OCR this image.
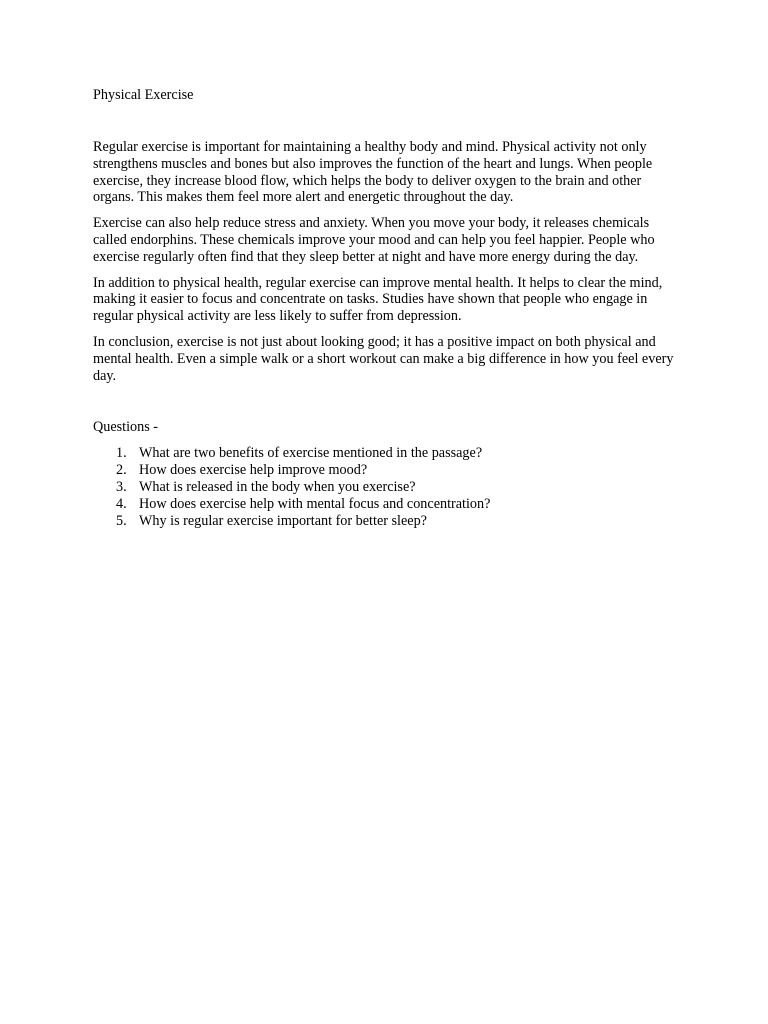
Physical Exercise

Regular exercise is important for maintaining a healthy body and mind. Physical activity not only strengthens muscles and bones but also improves the function of the heart and lungs. When people exercise, they increase blood flow, which helps the body to deliver oxygen to the brain and other organs. This makes them feel more alert and energetic throughout the day.

Exercise can also help reduce stress and anxiety. When you move your body, it releases chemicals called endorphins. These chemicals improve your mood and can help you feel happier. People who exercise regularly often find that they sleep better at night and have more energy during the day.

In addition to physical health, regular exercise can improve mental health. It helps to clear the mind, making it easier to focus and concentrate on tasks. Studies have shown that people who engage in regular physical activity are less likely to suffer from depression.

In conclusion, exercise is not just about looking good; it has a positive impact on both physical and mental health. Even a simple walk or a short workout can make a big difference in how you feel every day.

Questions -

1. What are two benefits of exercise mentioned in the passage?
2. How does exercise help improve mood?
3. What is released in the body when you exercise?
4. How does exercise help with mental focus and concentration?
5. Why is regular exercise important for better sleep?
